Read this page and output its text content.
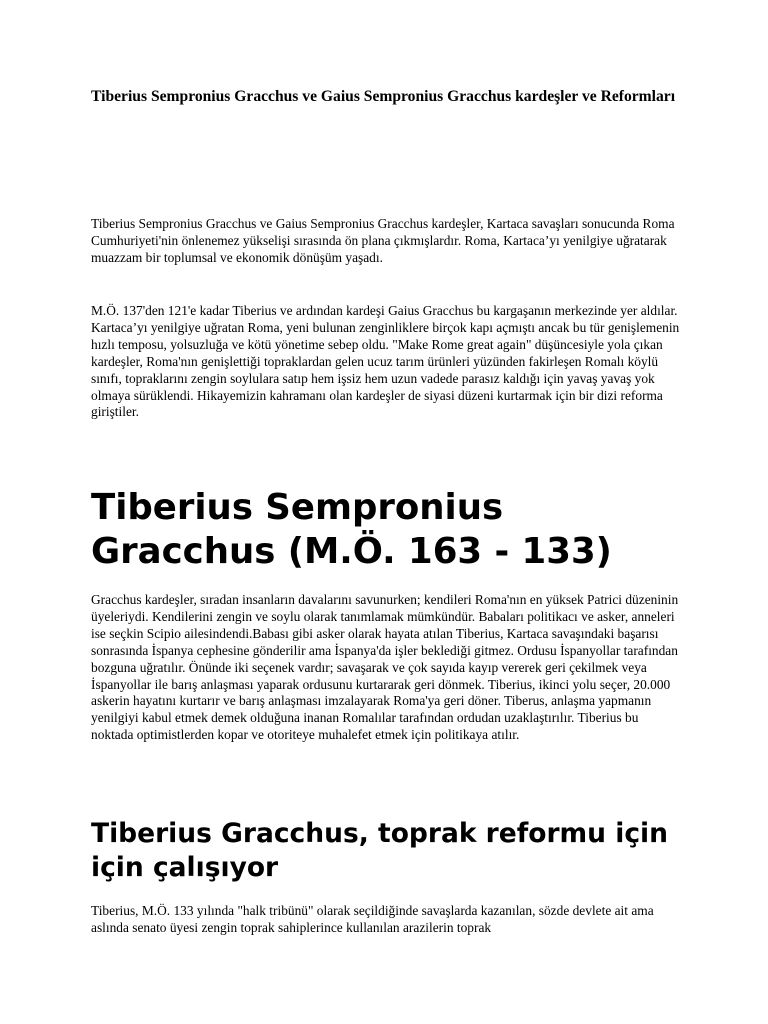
Tiberius Sempronius Gracchus ve Gaius Sempronius Gracchus kardeşler ve Reformları

Tiberius Sempronius Gracchus ve Gaius Sempronius Gracchus kardeşler, Kartaca savaşları sonucunda Roma Cumhuriyeti'nin önlenemez yükselişi sırasında ön plana çıkmışlardır. Roma, Kartaca’yı yenilgiye uğratarak muazzam bir toplumsal ve ekonomik dönüşüm yaşadı.

M.Ö. 137'den 121'e kadar Tiberius ve ardından kardeşi Gaius Gracchus bu kargaşanın merkezinde yer aldılar. Kartaca’yı yenilgiye uğratan Roma, yeni bulunan zenginliklere birçok kapı açmıştı ancak bu tür genişlemenin hızlı temposu, yolsuzluğa ve kötü yönetime sebep oldu. "Make Rome great again" düşüncesiyle yola çıkan kardeşler, Roma'nın genişlettiği topraklardan gelen ucuz tarım ürünleri yüzünden fakirleşen Romalı köylü sınıfı, topraklarını zengin soylulara satıp hem işsiz hem uzun vadede parasız kaldığı için yavaş yavaş yok olmaya sürüklendi. Hikayemizin kahramanı olan kardeşler de siyasi düzeni kurtarmak için bir dizi reforma giriştiler.

Tiberius Sempronius Gracchus (M.Ö. 163 - 133)

Gracchus kardeşler, sıradan insanların davalarını savunurken; kendileri Roma'nın en yüksek Patrici düzeninin üyeleriydi. Kendilerini zengin ve soylu olarak tanımlamak mümkündür. Babaları politikacı ve asker, anneleri ise seçkin Scipio ailesindendi.Babası gibi asker olarak hayata atılan Tiberius, Kartaca savaşındaki başarısı sonrasında İspanya cephesine gönderilir ama İspanya'da işler beklediği gitmez. Ordusu İspanyollar tarafından bozguna uğratılır. Önünde iki seçenek vardır; savaşarak ve çok sayıda kayıp vererek geri çekilmek veya İspanyollar ile barış anlaşması yaparak ordusunu kurtararak geri dönmek. Tiberius, ikinci yolu seçer, 20.000 askerin hayatını kurtarır ve barış anlaşması imzalayarak Roma'ya geri döner. Tiberus, anlaşma yapmanın yenilgiyi kabul etmek demek olduğuna inanan Romalılar tarafından ordudan uzaklaştırılır. Tiberius bu noktada optimistlerden kopar ve otoriteye muhalefet etmek için politikaya atılır.

Tiberius Gracchus, toprak reformu için için çalışıyor

Tiberius, M.Ö. 133 yılında "halk tribünü" olarak seçildiğinde savaşlarda kazanılan, sözde devlete ait ama aslında senato üyesi zengin toprak sahiplerince kullanılan arazilerin toprak
